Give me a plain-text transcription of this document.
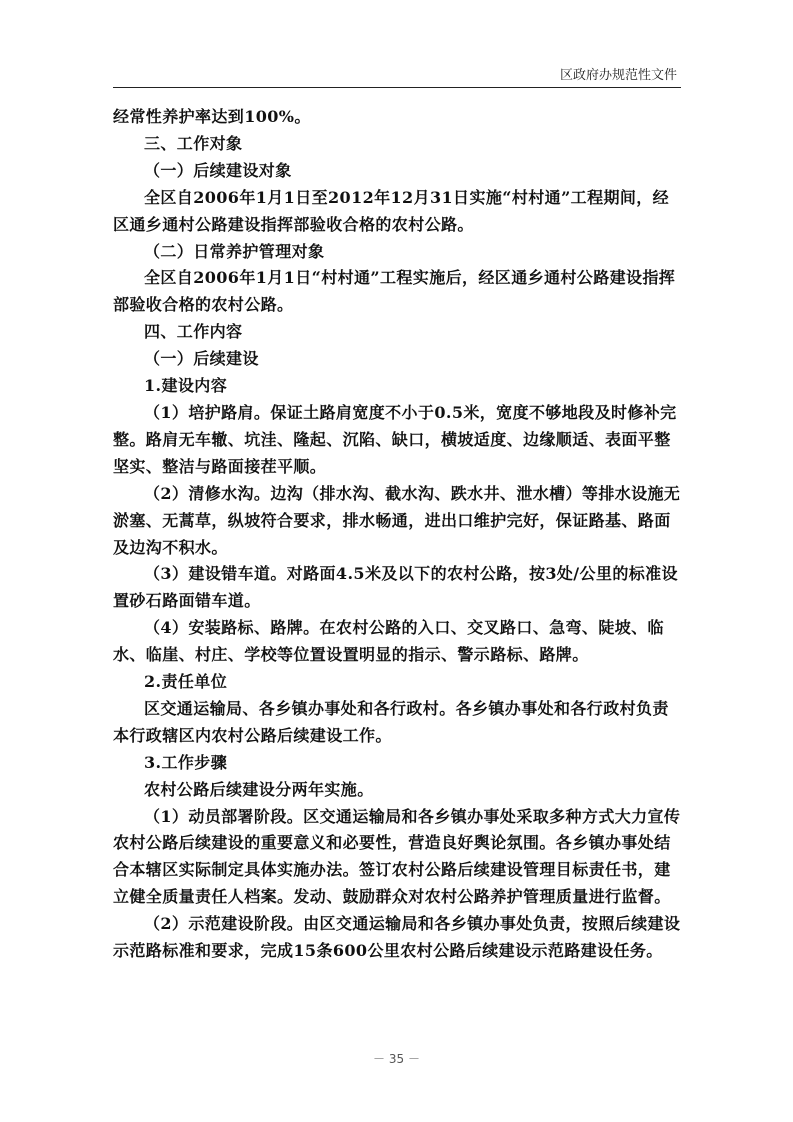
区政府办规范性文件

经常性养护率达到100%。

三、工作对象

（一）后续建设对象

全区自2006年1月1日至2012年12月31日实施“村村通”工程期间，经区通乡通村公路建设指挥部验收合格的农村公路。

（二）日常养护管理对象

全区自2006年1月1日“村村通”工程实施后，经区通乡通村公路建设指挥部验收合格的农村公路。

四、工作内容

（一）后续建设

1.建设内容

（1）培护路肩。保证土路肩宽度不小于0.5米，宽度不够地段及时修补完整。路肩无车辙、坑洼、隆起、沉陷、缺口，横坡适度、边缘顺适、表面平整坚实、整洁与路面接茬平顺。

（2）清修水沟。边沟（排水沟、截水沟、跌水井、泄水槽）等排水设施无淤塞、无蒿草，纵坡符合要求，排水畅通，进出口维护完好，保证路基、路面及边沟不积水。

（3）建设错车道。对路面4.5米及以下的农村公路，按3处/公里的标准设置砂石路面错车道。

（4）安装路标、路牌。在农村公路的入口、交叉路口、急弯、陡坡、临水、临崖、村庄、学校等位置设置明显的指示、警示路标、路牌。

2.责任单位

区交通运输局、各乡镇办事处和各行政村。各乡镇办事处和各行政村负责本行政辖区内农村公路后续建设工作。

3.工作步骤

农村公路后续建设分两年实施。

（1）动员部署阶段。区交通运输局和各乡镇办事处采取多种方式大力宣传农村公路后续建设的重要意义和必要性，营造良好舆论氛围。各乡镇办事处结合本辖区实际制定具体实施办法。签订农村公路后续建设管理目标责任书，建立健全质量责任人档案。发动、鼓励群众对农村公路养护管理质量进行监督。

（2）示范建设阶段。由区交通运输局和各乡镇办事处负责，按照后续建设示范路标准和要求，完成15条600公里农村公路后续建设示范路建设任务。

－ 35 －
